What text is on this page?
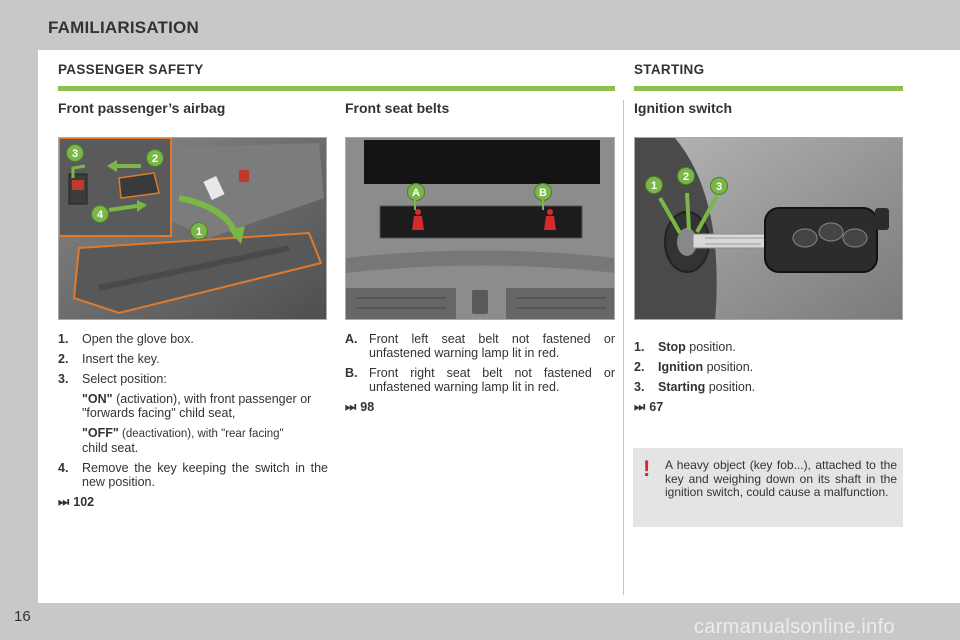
FAMILIARISATION
PASSENGER SAFETY	STARTING
Front passenger’s airbag	Front seat belts	Ignition switch
3	2
4
1
A	B
1
2
3
1. Open the glove box.
2. Insert the key.
3. Select position:
"ON" (activation), with front passenger or "forwards facing" child seat,
"OFF" (deactivation), with "rear facing"
child seat.
4. Remove the key keeping the switch in the new position.
⏭ 102
A. Front left seat belt not fastened or unfastened warning lamp lit in red.
B. Front right seat belt not fastened or unfastened warning lamp lit in red.
⏭ 98
1. Stop position.
2. Ignition position.
3. Starting position.
⏭ 67
! A heavy object (key fob...), attached to the key and weighing down on its shaft in the ignition switch, could cause a malfunction.
16	carmanualsonline.info
